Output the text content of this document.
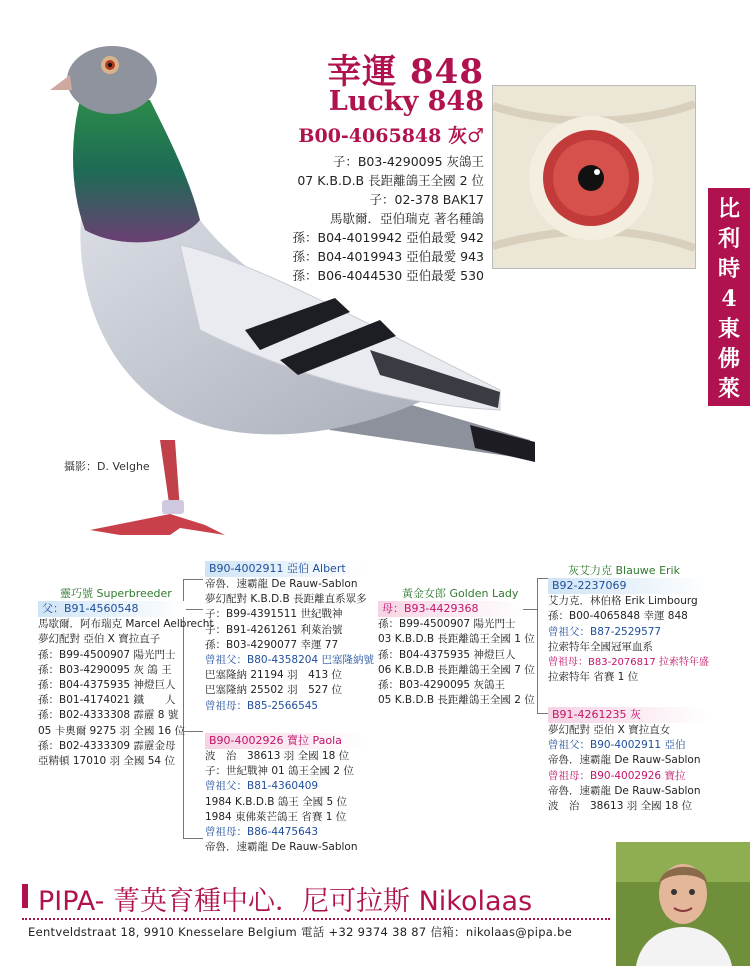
幸運 848
Lucky 848
B00-4065848 灰♂
子：B03-4290095 灰鴿王
07 K.B.D.B 長距離鴿王全國 2 位
子：02-378 BAK17
馬歇爾．亞伯瑞克 著名種鴿
孫：B04-4019942 亞伯最愛 942
孫：B04-4019943 亞伯最愛 943
孫：B06-4044530 亞伯最愛 530
比
利
時
4
東
佛
萊
芒
攝影：D. Velghe
靈巧號 Superbreeder
父：B91-4560548
馬歇爾．阿布瑞克 Marcel Aelbrecht
夢幻配對 亞伯 X 寶拉直子
孫：B99-4500907 陽光門士
孫：B03-4290095 灰 鴿 王
孫：B04-4375935 神燈巨人
孫：B01-4174021 鐵　　人
孫：B02-4333308 霹靂 8 號
05 卡奧爾 9275 羽 全國 16 位
孫：B02-4333309 霹靂金母
亞精頓 17010 羽 全國 54 位
B90-4002911 亞伯 Albert
帝魯．速霸龍 De Rauw-Sablon
夢幻配對 K.B.D.B 長距離直系眾多
子：B99-4391511 世紀戰神
子：B91-4261261 利萊治號
孫：B03-4290077 幸運 77
曾祖父：B80-4358204 巴塞隆納號
巴塞隆納 21194 羽　413 位
巴塞隆納 25502 羽　527 位
曾祖母：B85-2566545
B90-4002926 寶拉 Paola
波　治　38613 羽 全國 18 位
子：世紀戰神 01 鴿王全國 2 位
曾祖父：B81-4360409
1984 K.B.D.B 鴿王 全國 5 位
1984 東佛萊芒鴿王 省賽 1 位
曾祖母：B86-4475643
帝魯．速霸龍 De Rauw-Sablon
黃金女郎 Golden Lady
母：B93-4429368
孫：B99-4500907 陽光門士
03 K.B.D.B 長距離鴿王全國 1 位
孫：B04-4375935 神燈巨人
06 K.B.D.B 長距離鴿王全國 7 位
孫：B03-4290095 灰鴿王
05 K.B.D.B 長距離鴿王全國 2 位
灰艾力克 Blauwe Erik
B92-2237069
艾力克．林伯格 Erik Limbourg
孫：B00-4065848 幸運 848
曾祖父：B87-2529577
拉索特年全國冠軍血系
曾祖母：B83-2076817 拉索特年盛
拉索特年 省賽 1 位
B91-4261235 灰
夢幻配對 亞伯 X 寶拉直女
曾祖父：B90-4002911 亞伯
帝魯．速霸龍 De Rauw-Sablon
曾祖母：B90-4002926 寶拉
帝魯．速霸龍 De Rauw-Sablon
波　治　38613 羽 全國 18 位
PIPA- 菁英育種中心．尼可拉斯 Nikolaas
Eentveldstraat 18, 9910 Knesselare Belgium 電話 +32 9374 38 87 信箱：nikolaas@pipa.be
